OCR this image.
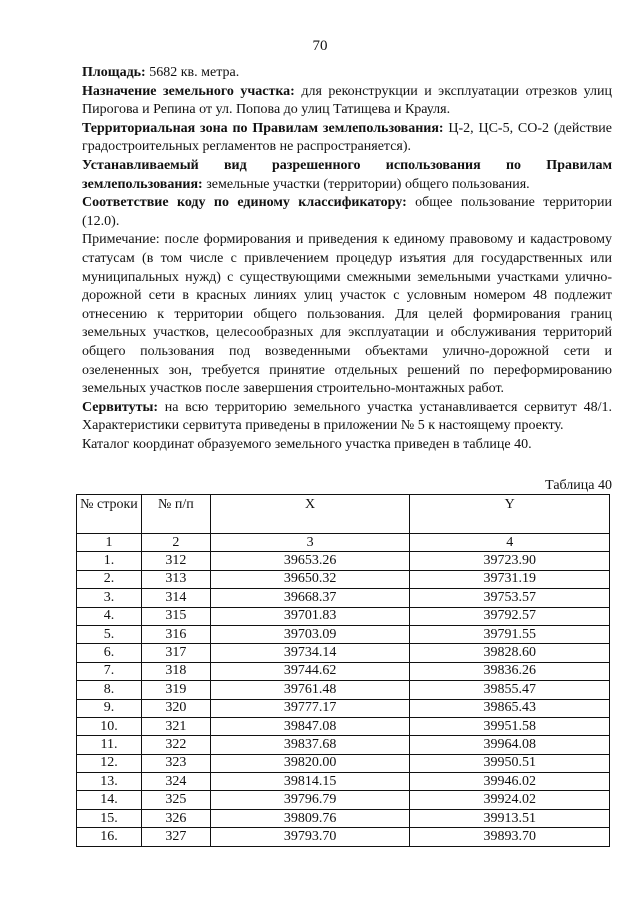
70

Площадь: 5682 кв. метра.

Назначение земельного участка: для реконструкции и эксплуатации отрезков улиц Пирогова и Репина от ул. Попова до улиц Татищева и Крауля.

Территориальная зона по Правилам землепользования: Ц-2, ЦС-5, СО-2 (действие градостроительных регламентов не распространяется).

Устанавливаемый вид разрешенного использования по Правилам землепользования: земельные участки (территории) общего пользования.

Соответствие коду по единому классификатору: общее пользование территории (12.0).

Примечание: после формирования и приведения к единому правовому и кадастровому статусам (в том числе с привлечением процедур изъятия для государственных или муниципальных нужд) с существующими смежными земельными участками улично-дорожной сети в красных линиях улиц участок с условным номером 48 подлежит отнесению к территории общего пользования. Для целей формирования границ земельных участков, целесообразных для эксплуатации и обслуживания территорий общего пользования под возведенными объектами улично-дорожной сети и озелененных зон, требуется принятие отдельных решений по переформированию земельных участков после завершения строительно-монтажных работ.

Сервитуты: на всю территорию земельного участка устанавливается сервитут 48/1. Характеристики сервитута приведены в приложении № 5 к настоящему проекту.

Каталог координат образуемого земельного участка приведен в таблице 40.

Таблица 40
№ строки	№ п/п	X	Y
1	2	3	4
1.	312	39653.26	39723.90
2.	313	39650.32	39731.19
3.	314	39668.37	39753.57
4.	315	39701.83	39792.57
5.	316	39703.09	39791.55
6.	317	39734.14	39828.60
7.	318	39744.62	39836.26
8.	319	39761.48	39855.47
9.	320	39777.17	39865.43
10.	321	39847.08	39951.58
11.	322	39837.68	39964.08
12.	323	39820.00	39950.51
13.	324	39814.15	39946.02
14.	325	39796.79	39924.02
15.	326	39809.76	39913.51
16.	327	39793.70	39893.70
